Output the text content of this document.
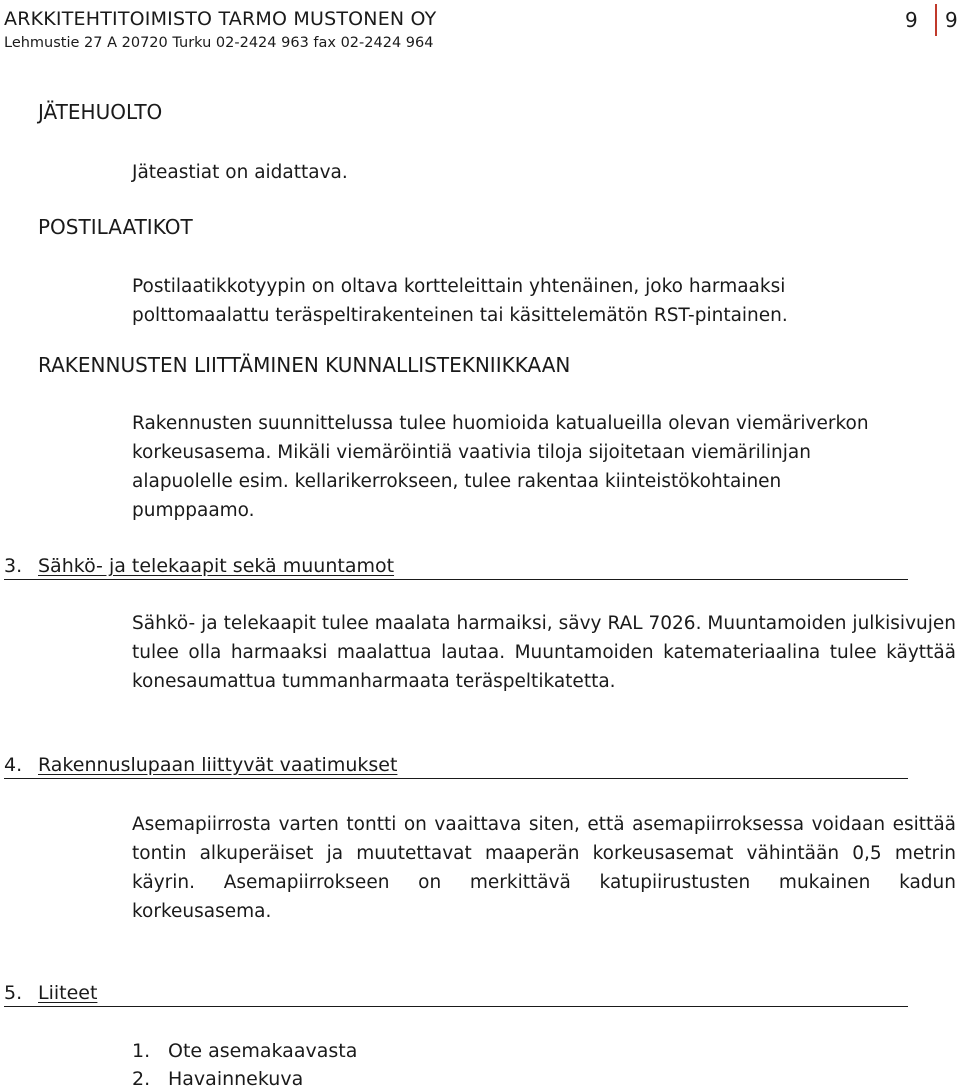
ARKKITEHTITOIMISTO TARMO MUSTONEN OY
Lehmustie 27 A 20720 Turku 02-2424 963 fax 02-2424 964
9 9
JÄTEHUOLTO
Jäteastiat on aidattava.
POSTILAATIKOT

Postilaatikkotyypin on oltava kortteleittain yhtenäinen, joko harmaaksi

polttomaalattu teräspeltirakenteinen tai käsittelemätön RST-pintainen.

RAKENNUSTEN LIITTÄMINEN KUNNALLISTEKNIIKKAAN

Rakennusten suunnittelussa tulee huomioida katualueilla olevan viemäriverkon

korkeusasema. Mikäli viemäröintiä vaativia tiloja sijoitetaan viemärilinjan

alapuolelle esim. kellarikerrokseen, tulee rakentaa kiinteistökohtainen

pumppaamo.

3. Sähkö- ja telekaapit sekä muuntamot
Sähkö- ja telekaapit tulee maalata harmaiksi, sävy RAL 7026. Muuntamoiden julkisivujen tulee olla harmaaksi maalattua lautaa. Muuntamoiden katemateriaalina tulee käyttää konesaumattua tummanharmaata teräspeltikatetta.
4. Rakennuslupaan liittyvät vaatimukset
Asemapiirrosta varten tontti on vaaittava siten, että asemapiirroksessa voidaan esittää tontin alkuperäiset ja muutettavat maaperän korkeusasemat vähintään 0,5 metrin käyrin. Asemapiirrokseen on merkittävä katupiirustusten mukainen kadun korkeusasema.
5. Liiteet
1. Ote asemakaavasta
2. Havainnekuva
